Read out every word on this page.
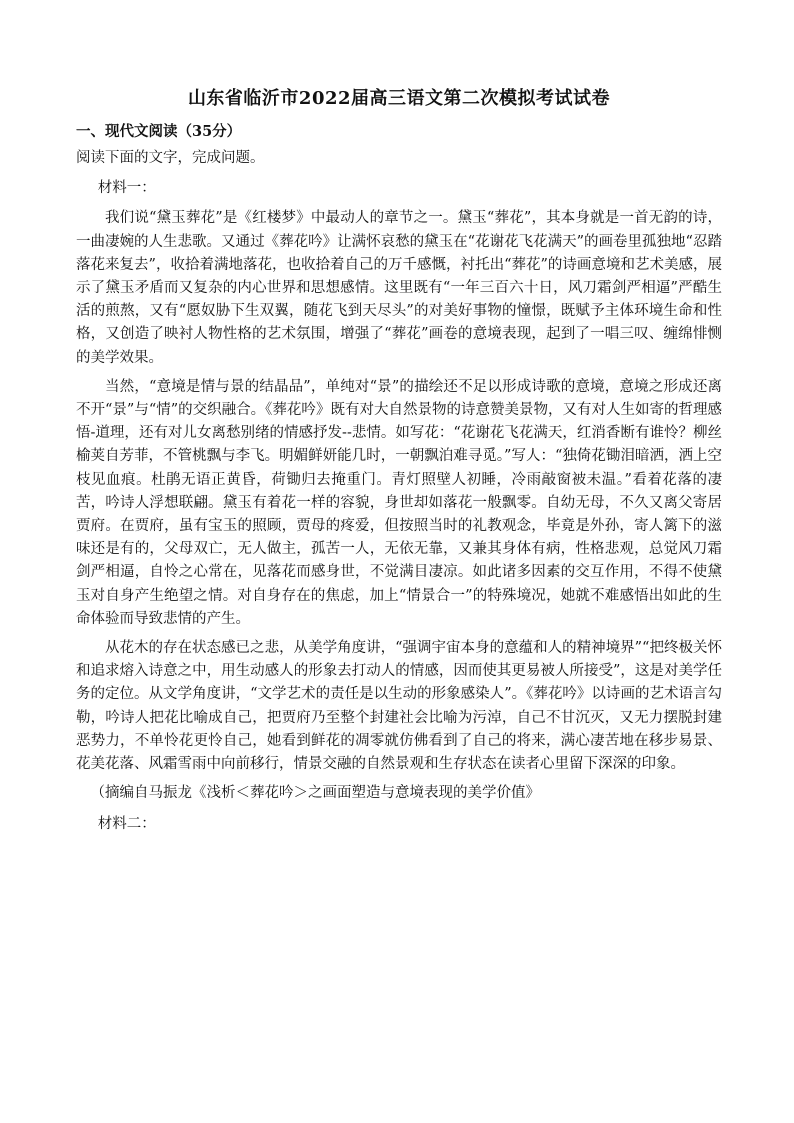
山东省临沂市2022届高三语文第二次模拟考试试卷
一、现代文阅读（35分）

阅读下面的文字，完成问题。

材料一：

我们说“黛玉葬花”是《红楼梦》中最动人的章节之一。黛玉“葬花”，其本身就是一首无韵的诗，一曲凄婉的人生悲歌。又通过《葬花吟》让满怀哀愁的黛玉在“花谢花飞花满天”的画卷里孤独地“忍踏落花来复去”，收拾着满地落花，也收拾着自己的万千感慨，衬托出“葬花”的诗画意境和艺术美感，展示了黛玉矛盾而又复杂的内心世界和思想感情。这里既有“一年三百六十日，风刀霜剑严相逼”严酷生活的煎熬，又有“愿奴胁下生双翼，随花飞到天尽头”的对美好事物的憧憬，既赋予主体环境生命和性格，又创造了映衬人物性格的艺术氛围，增强了“葬花”画卷的意境表现，起到了一唱三叹、缠绵悱恻的美学效果。

当然，“意境是情与景的结晶品”，单纯对“景”的描绘还不足以形成诗歌的意境，意境之形成还离不开“景”与“情”的交织融合。《葬花吟》既有对大自然景物的诗意赞美景物，又有对人生如寄的哲理感悟-道理，还有对儿女离愁别绪的情感抒发--悲情。如写花：“花谢花飞花满天，红消香断有谁怜？柳丝榆荚自芳菲，不管桃飘与李飞。明媚鲜妍能几时，一朝飘泊难寻觅。”写人：“独倚花锄泪暗洒，洒上空枝见血痕。杜鹃无语正黄昏，荷锄归去掩重门。青灯照壁人初睡，冷雨敲窗被未温。”看着花落的凄苦，吟诗人浮想联翩。黛玉有着花一样的容貌，身世却如落花一般飘零。自幼无母，不久又离父寄居贾府。在贾府，虽有宝玉的照顾，贾母的疼爱，但按照当时的礼教观念，毕竟是外孙，寄人篱下的滋味还是有的，父母双亡，无人做主，孤苦一人，无依无靠，又兼其身体有病，性格悲观，总觉风刀霜剑严相逼，自怜之心常在，见落花而感身世，不觉满目凄凉。如此诸多因素的交互作用，不得不使黛玉对自身产生绝望之情。对自身存在的焦虑，加上“情景合一”的特殊境况，她就不难感悟出如此的生命体验而导致悲情的产生。

从花木的存在状态感已之悲，从美学角度讲，“强调宇宙本身的意蕴和人的精神境界”“把终极关怀和追求熔入诗意之中，用生动感人的形象去打动人的情感，因而使其更易被人所接受”，这是对美学任务的定位。从文学角度讲，“文学艺术的责任是以生动的形象感染人”。《葬花吟》以诗画的艺术语言勾勒，吟诗人把花比喻成自己，把贾府乃至整个封建社会比喻为污淖，自己不甘沉灭，又无力摆脱封建恶势力，不单怜花更怜自己，她看到鲜花的凋零就仿佛看到了自己的将来，满心凄苦地在移步易景、花美花落、风霜雪雨中向前移行，情景交融的自然景观和生存状态在读者心里留下深深的印象。

（摘编自马振龙《浅析＜葬花吟＞之画面塑造与意境表现的美学价值》

材料二：
